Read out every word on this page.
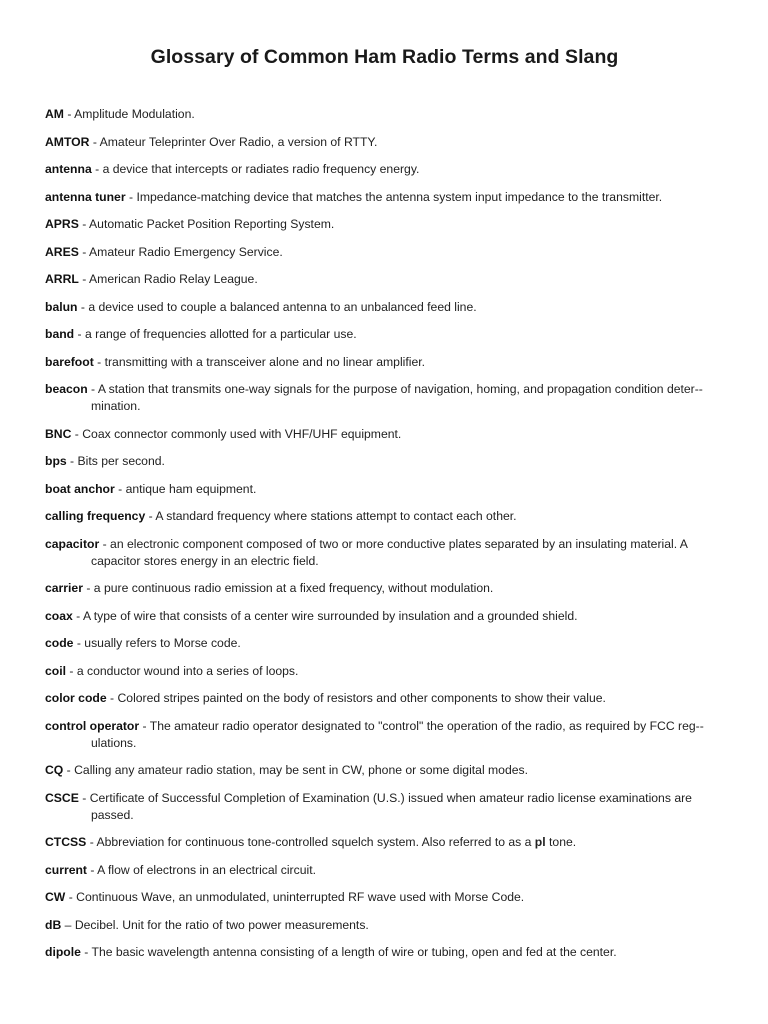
Glossary of Common Ham Radio Terms and Slang
AM - Amplitude Modulation.
AMTOR - Amateur Teleprinter Over Radio, a version of RTTY.
antenna - a device that intercepts or radiates radio frequency energy.
antenna tuner - Impedance-matching device that matches the antenna system input impedance to the transmitter.
APRS - Automatic Packet Position Reporting System.
ARES - Amateur Radio Emergency Service.
ARRL - American Radio Relay League.
balun - a device used to couple a balanced antenna to an unbalanced feed line.
band - a range of frequencies allotted for a particular use.
barefoot - transmitting with a transceiver alone and no linear amplifier.
beacon - A station that transmits one-way signals for the purpose of navigation, homing, and propagation condition deter-mination.
BNC - Coax connector commonly used with VHF/UHF equipment.
bps - Bits per second.
boat anchor - antique ham equipment.
calling frequency - A standard frequency where stations attempt to contact each other.
capacitor - an electronic component composed of two or more conductive plates separated by an insulating material. A capacitor stores energy in an electric field.
carrier - a pure continuous radio emission at a fixed frequency, without modulation.
coax - A type of wire that consists of a center wire surrounded by insulation and a grounded shield.
code - usually refers to Morse code.
coil - a conductor wound into a series of loops.
color code - Colored stripes painted on the body of resistors and other components to show their value.
control operator - The amateur radio operator designated to "control" the operation of the radio, as required by FCC reg-ulations.
CQ - Calling any amateur radio station, may be sent in CW, phone or some digital modes.
CSCE - Certificate of Successful Completion of Examination (U.S.) issued when amateur radio license examinations are passed.
CTCSS - Abbreviation for continuous tone-controlled squelch system. Also referred to as a pl tone.
current - A flow of electrons in an electrical circuit.
CW - Continuous Wave, an unmodulated, uninterrupted RF wave used with Morse Code.
dB – Decibel. Unit for the ratio of two power measurements.
dipole - The basic wavelength antenna consisting of a length of wire or tubing, open and fed at the center.
